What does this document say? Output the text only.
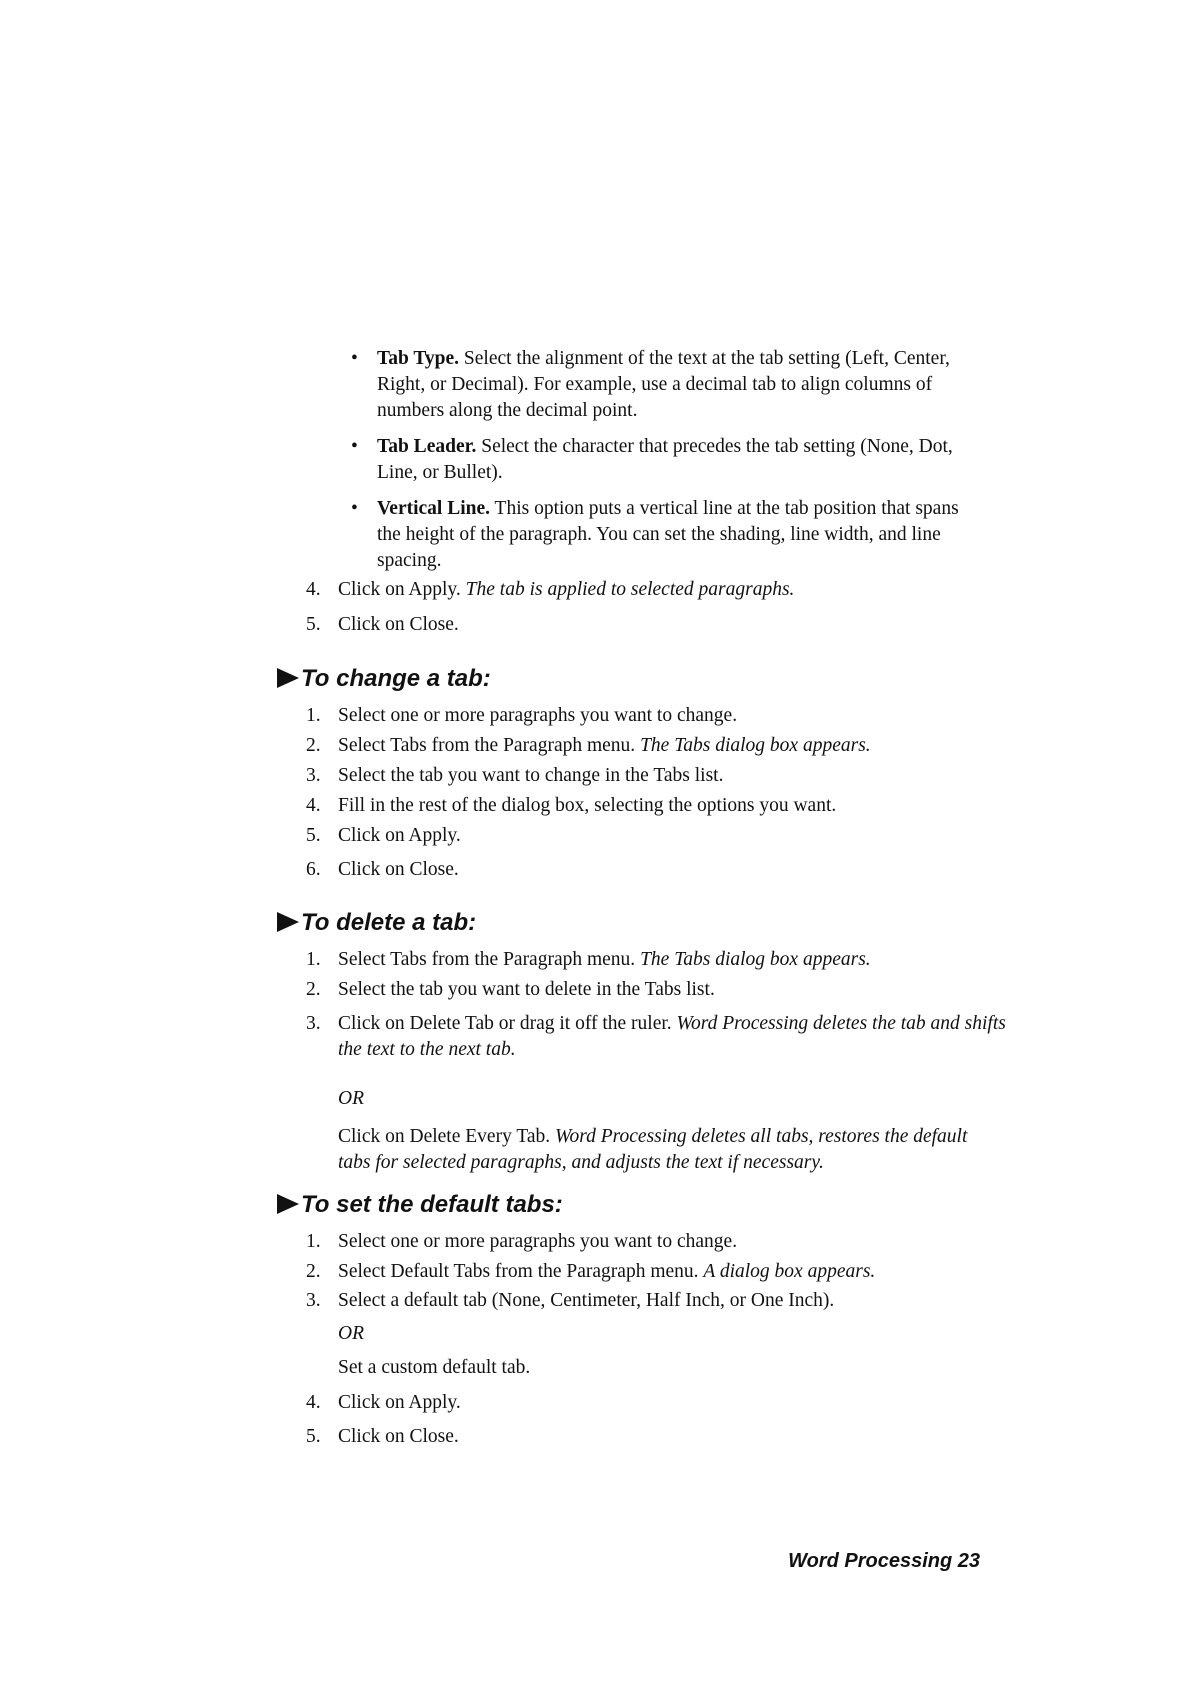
• Tab Type. Select the alignment of the text at the tab setting (Left, Center, Right, or Decimal). For example, use a decimal tab to align columns of numbers along the decimal point.
• Tab Leader. Select the character that precedes the tab setting (None, Dot, Line, or Bullet).
• Vertical Line. This option puts a vertical line at the tab position that spans the height of the paragraph. You can set the shading, line width, and line spacing.
4. Click on Apply. The tab is applied to selected paragraphs.
5. Click on Close.
To change a tab:
1. Select one or more paragraphs you want to change.
2. Select Tabs from the Paragraph menu. The Tabs dialog box appears.
3. Select the tab you want to change in the Tabs list.
4. Fill in the rest of the dialog box, selecting the options you want.
5. Click on Apply.
6. Click on Close.
To delete a tab:
1. Select Tabs from the Paragraph menu. The Tabs dialog box appears.
2. Select the tab you want to delete in the Tabs list.
3. Click on Delete Tab or drag it off the ruler. Word Processing deletes the tab and shifts the text to the next tab.
OR
Click on Delete Every Tab. Word Processing deletes all tabs, restores the default tabs for selected paragraphs, and adjusts the text if necessary.
To set the default tabs:
1. Select one or more paragraphs you want to change.
2. Select Default Tabs from the Paragraph menu. A dialog box appears.
3. Select a default tab (None, Centimeter, Half Inch, or One Inch).
OR
Set a custom default tab.
4. Click on Apply.
5. Click on Close.
Word Processing 23
